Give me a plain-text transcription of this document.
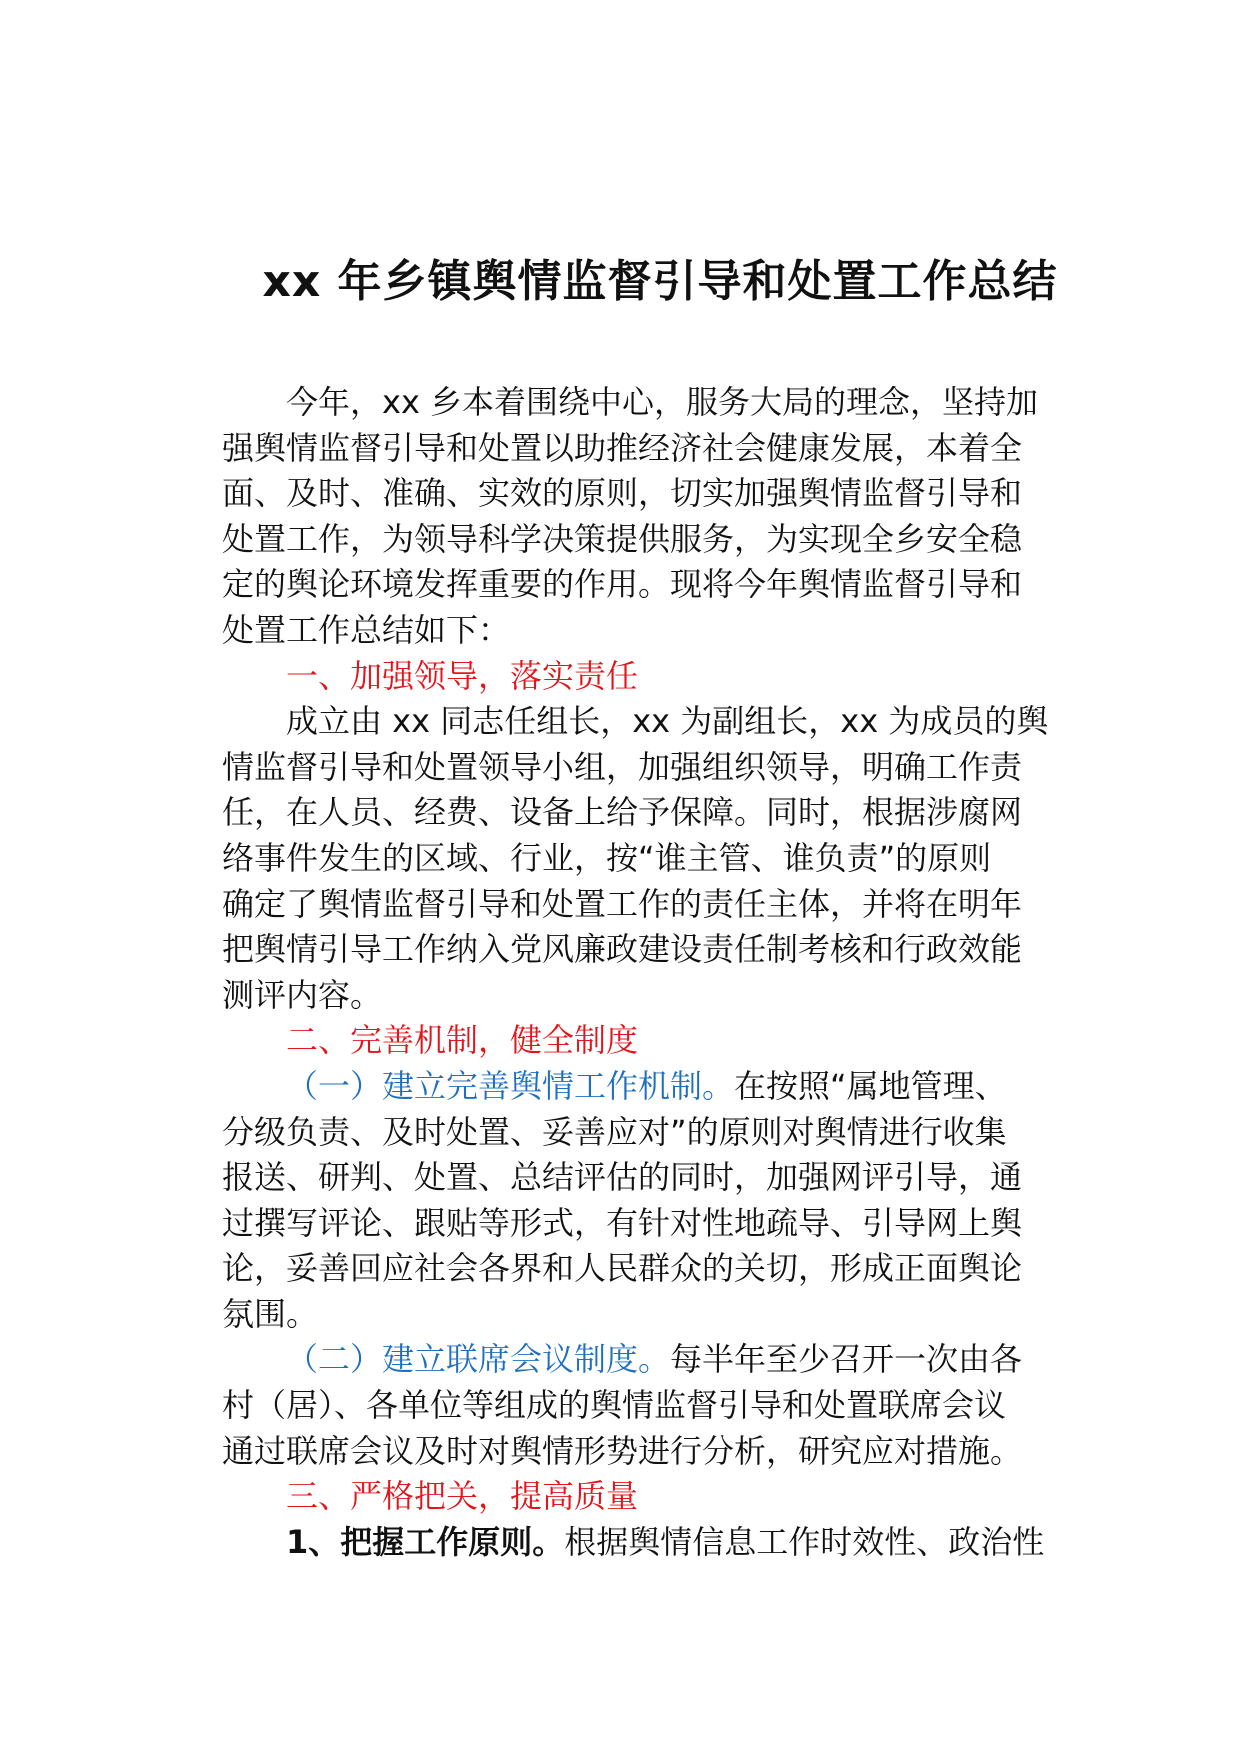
xx 年乡镇舆情监督引导和处置工作总结
今年，xx 乡本着围绕中心，服务大局的理念，坚持加
强舆情监督引导和处置以助推经济社会健康发展，本着全
面、及时、准确、实效的原则，切实加强舆情监督引导和
处置工作，为领导科学决策提供服务，为实现全乡安全稳
定的舆论环境发挥重要的作用。现将今年舆情监督引导和
处置工作总结如下：
一、加强领导，落实责任
成立由 xx 同志任组长，xx 为副组长，xx 为成员的舆
情监督引导和处置领导小组，加强组织领导，明确工作责
任，在人员、经费、设备上给予保障。同时，根据涉腐网
络事件发生的区域、行业，按“谁主管、谁负责”的原则
确定了舆情监督引导和处置工作的责任主体，并将在明年
把舆情引导工作纳入党风廉政建设责任制考核和行政效能
测评内容。
二、完善机制，健全制度
（一）建立完善舆情工作机制。在按照“属地管理、
分级负责、及时处置、妥善应对”的原则对舆情进行收集
报送、研判、处置、总结评估的同时，加强网评引导，通
过撰写评论、跟贴等形式，有针对性地疏导、引导网上舆
论，妥善回应社会各界和人民群众的关切，形成正面舆论
氛围。
（二）建立联席会议制度。每半年至少召开一次由各
村（居）、各单位等组成的舆情监督引导和处置联席会议
通过联席会议及时对舆情形势进行分析，研究应对措施。
三、严格把关，提高质量
1、把握工作原则。根据舆情信息工作时效性、政治性
